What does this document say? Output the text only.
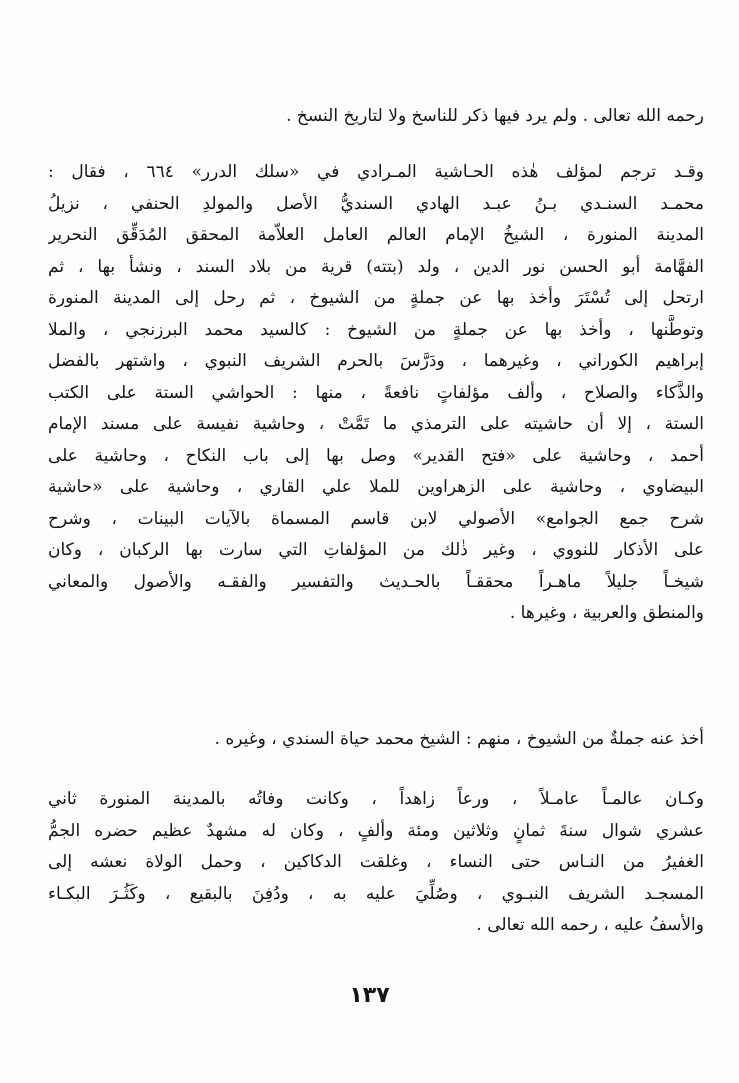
رحمه الله تعالى . ولم يرد فيها ذكر للناسخ ولا لتاريخ النسخ .
وقـد ترجم لمؤلف هٰذه الحـاشية المـرادي في «سلك الدرر» ٦٦٤ ، فقال :
محمـد السنـدي بـنُ عبـد الهادي السنديُّ الأصل والمولدِ الحنفي ، نزيلُ
المدينة المنورة ، الشيخُ الإمام العالم العامل العلاّمة المحقق المُدَقِّق النحرير
الفهَّامة أبو الحسن نور الدين ، ولد (بتته) قرية من بلاد السند ، ونشأ بها ، ثم
ارتحل إلى تُسْتَرَ وأخذ بها عن جملةٍ من الشيوخ ، ثم رحل إلى المدينة المنورة
وتوطَّنها ، وأخذ بها عن جملةٍ من الشيوخ : كالسيد محمد البرزنجي ، والملا
إبراهيم الكوراني ، وغيرهما ، ودَرَّسَ بالحرم الشريف النبوي ، واشتهر بالفضل
والذَّكاء والصلاح ، وألف مؤلفاتٍ نافعةً ، منها : الحواشي الستة على الكتب
الستة ، إلا أن حاشيته على الترمذي ما تَمَّتْ ، وحاشية نفيسة على مسند الإمام
أحمد ، وحاشية على «فتح القدير» وصل بها إلى باب النكاح ، وحاشية على
البيضاوي ، وحاشية على الزهراوين للملا علي القاري ، وحاشية على «حاشية
شرح جمع الجوامع» الأصولي لابن قاسم المسماة بالآيات البينات ، وشرح
على الأذكار للنووي ، وغير ذٰلك من المؤلفاتِ التي سارت بها الركبان ، وكان
شيخـاً جليلاً ماهـراً محققـاً بالحـديث والتفسير والفقـه والأصول والمعاني
والمنطق والعربية ، وغيرها .
أخذ عنه جملةٌ من الشيوخ ، منهم : الشيخ محمد حياة السندي ، وغيره .
وكـان عالمـاً عامـلاً ، ورعاً زاهداً ، وكانت وفاتُه بالمدينة المنورة ثاني
عشري شوال سنةَ ثمانٍ وثلاثين ومئة وألفٍ ، وكان له مشهدٌ عظيم حضره الجمُّ
الغفيرُ من النـاس حتى النساء ، وغلقت الدكاكين ، وحمل الولاة نعشه إلى
المسجـد الشريف النبـوي ، وصُلِّيَ عليه به ، ودُفِنَ بالبقيع ، وكَثُـرَ البكـاء
والأسفُ عليه ، رحمه الله تعالى .
١٣٧
